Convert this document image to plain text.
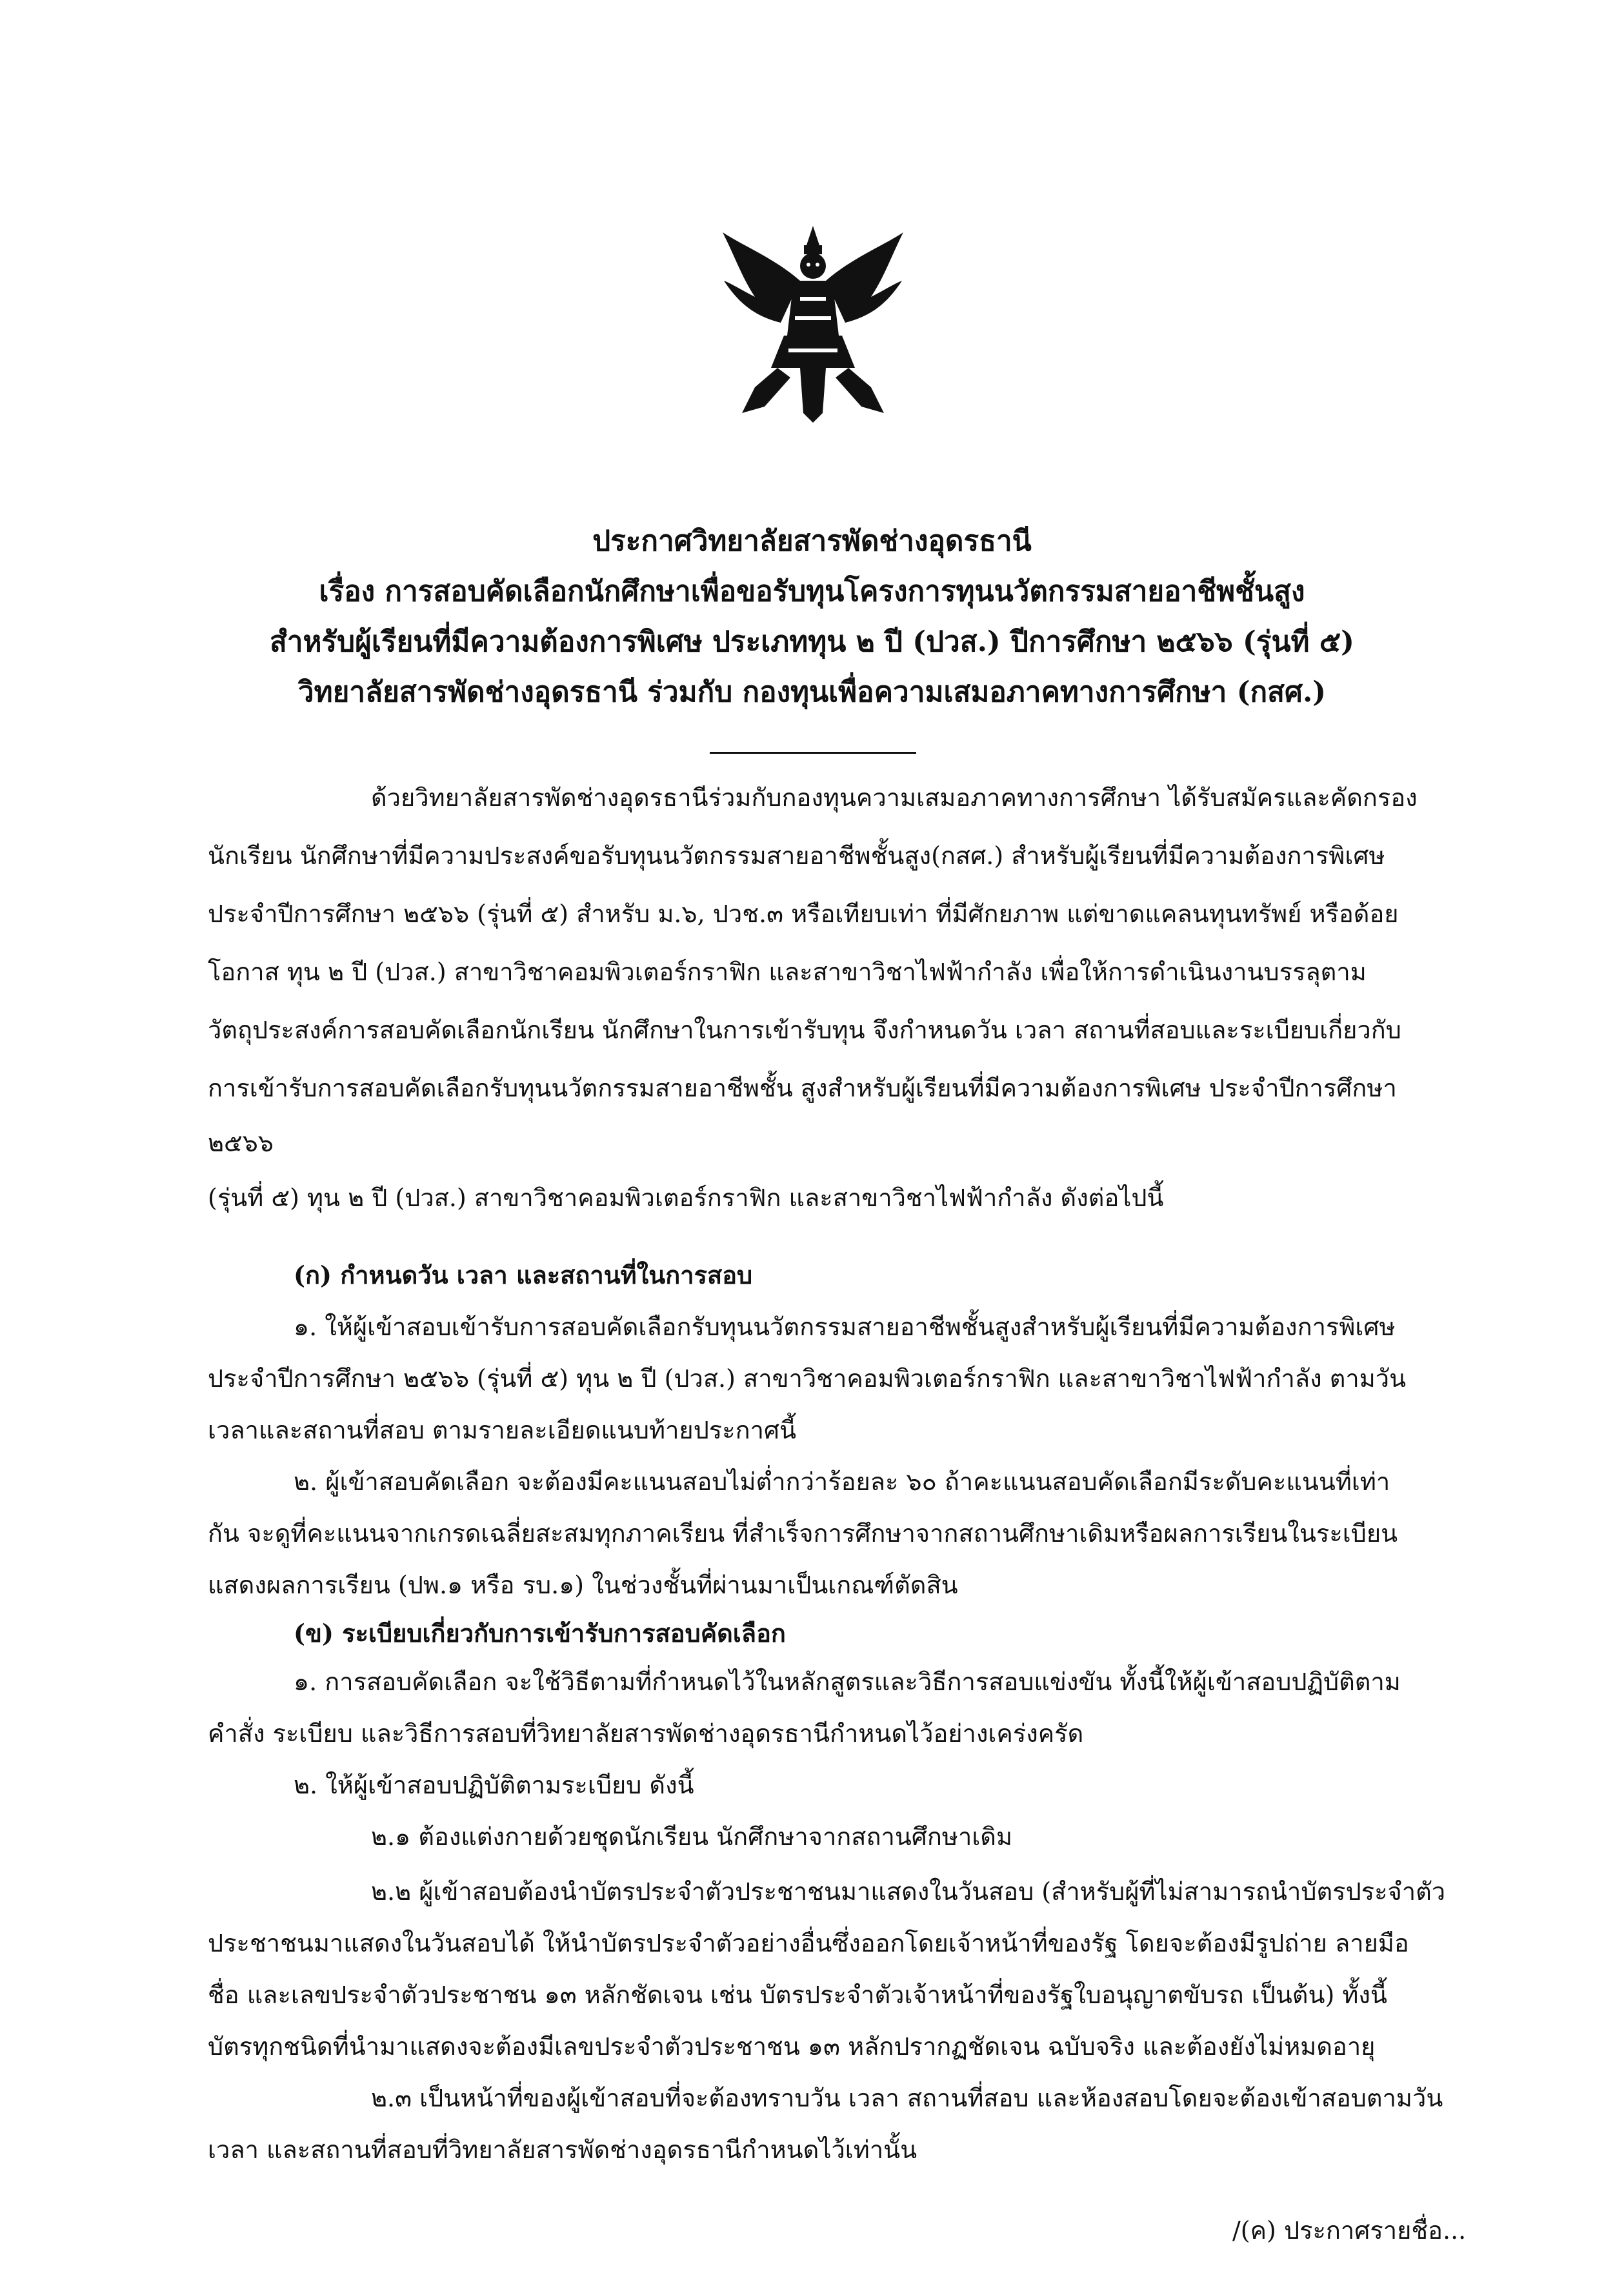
ประกาศวิทยาลัยสารพัดช่างอุดรธานี
เรื่อง การสอบคัดเลือกนักศึกษาเพื่อขอรับทุนโครงการทุนนวัตกรรมสายอาชีพชั้นสูง
สำหรับผู้เรียนที่มีความต้องการพิเศษ ประเภททุน ๒ ปี (ปวส.) ปีการศึกษา ๒๕๖๖ (รุ่นที่ ๕)
วิทยาลัยสารพัดช่างอุดรธานี ร่วมกับ กองทุนเพื่อความเสมอภาคทางการศึกษา (กสศ.)
ด้วยวิทยาลัยสารพัดช่างอุดรธานีร่วมกับกองทุนความเสมอภาคทางการศึกษา ได้รับสมัครและคัดกรอง
นักเรียน นักศึกษาที่มีความประสงค์ขอรับทุนนวัตกรรมสายอาชีพชั้นสูง(กสศ.) สำหรับผู้เรียนที่มีความต้องการพิเศษ
ประจำปีการศึกษา ๒๕๖๖ (รุ่นที่ ๕) สำหรับ ม.๖, ปวช.๓ หรือเทียบเท่า ที่มีศักยภาพ แต่ขาดแคลนทุนทรัพย์ หรือด้อย
โอกาส ทุน ๒ ปี (ปวส.) สาขาวิชาคอมพิวเตอร์กราฟิก และสาขาวิชาไฟฟ้ากำลัง เพื่อให้การดำเนินงานบรรลุตาม
วัตถุประสงค์การสอบคัดเลือกนักเรียน นักศึกษาในการเข้ารับทุน จึงกำหนดวัน เวลา สถานที่สอบและระเบียบเกี่ยวกับ
การเข้ารับการสอบคัดเลือกรับทุนนวัตกรรมสายอาชีพชั้น สูงสำหรับผู้เรียนที่มีความต้องการพิเศษ ประจำปีการศึกษา
๒๕๖๖
(รุ่นที่ ๕) ทุน ๒ ปี (ปวส.) สาขาวิชาคอมพิวเตอร์กราฟิก และสาขาวิชาไฟฟ้ากำลัง ดังต่อไปนี้
(ก) กำหนดวัน เวลา และสถานที่ในการสอบ
๑. ให้ผู้เข้าสอบเข้ารับการสอบคัดเลือกรับทุนนวัตกรรมสายอาชีพชั้นสูงสำหรับผู้เรียนที่มีความต้องการพิเศษ
ประจำปีการศึกษา ๒๕๖๖ (รุ่นที่ ๕) ทุน ๒ ปี (ปวส.) สาขาวิชาคอมพิวเตอร์กราฟิก และสาขาวิชาไฟฟ้ากำลัง ตามวัน
เวลาและสถานที่สอบ ตามรายละเอียดแนบท้ายประกาศนี้
๒. ผู้เข้าสอบคัดเลือก จะต้องมีคะแนนสอบไม่ต่ำกว่าร้อยละ ๖๐ ถ้าคะแนนสอบคัดเลือกมีระดับคะแนนที่เท่า
กัน จะดูที่คะแนนจากเกรดเฉลี่ยสะสมทุกภาคเรียน ที่สำเร็จการศึกษาจากสถานศึกษาเดิมหรือผลการเรียนในระเบียน
แสดงผลการเรียน (ปพ.๑ หรือ รบ.๑) ในช่วงชั้นที่ผ่านมาเป็นเกณฑ์ตัดสิน
(ข) ระเบียบเกี่ยวกับการเข้ารับการสอบคัดเลือก
๑. การสอบคัดเลือก จะใช้วิธีตามที่กำหนดไว้ในหลักสูตรและวิธีการสอบแข่งขัน ทั้งนี้ให้ผู้เข้าสอบปฏิบัติตาม
คำสั่ง ระเบียบ และวิธีการสอบที่วิทยาลัยสารพัดช่างอุดรธานีกำหนดไว้อย่างเคร่งครัด
๒. ให้ผู้เข้าสอบปฏิบัติตามระเบียบ ดังนี้
๒.๑ ต้องแต่งกายด้วยชุดนักเรียน นักศึกษาจากสถานศึกษาเดิม
๒.๒ ผู้เข้าสอบต้องนำบัตรประจำตัวประชาชนมาแสดงในวันสอบ (สำหรับผู้ที่ไม่สามารถนำบัตรประจำตัว
ประชาชนมาแสดงในวันสอบได้ ให้นำบัตรประจำตัวอย่างอื่นซึ่งออกโดยเจ้าหน้าที่ของรัฐ โดยจะต้องมีรูปถ่าย ลายมือ
ชื่อ และเลขประจำตัวประชาชน ๑๓ หลักชัดเจน เช่น บัตรประจำตัวเจ้าหน้าที่ของรัฐใบอนุญาตขับรถ เป็นต้น) ทั้งนี้
บัตรทุกชนิดที่นำมาแสดงจะต้องมีเลขประจำตัวประชาชน ๑๓ หลักปรากฏชัดเจน ฉบับจริง และต้องยังไม่หมดอายุ
๒.๓ เป็นหน้าที่ของผู้เข้าสอบที่จะต้องทราบวัน เวลา สถานที่สอบ และห้องสอบโดยจะต้องเข้าสอบตามวัน
เวลา และสถานที่สอบที่วิทยาลัยสารพัดช่างอุดรธานีกำหนดไว้เท่านั้น
/(ค) ประกาศรายชื่อ...
